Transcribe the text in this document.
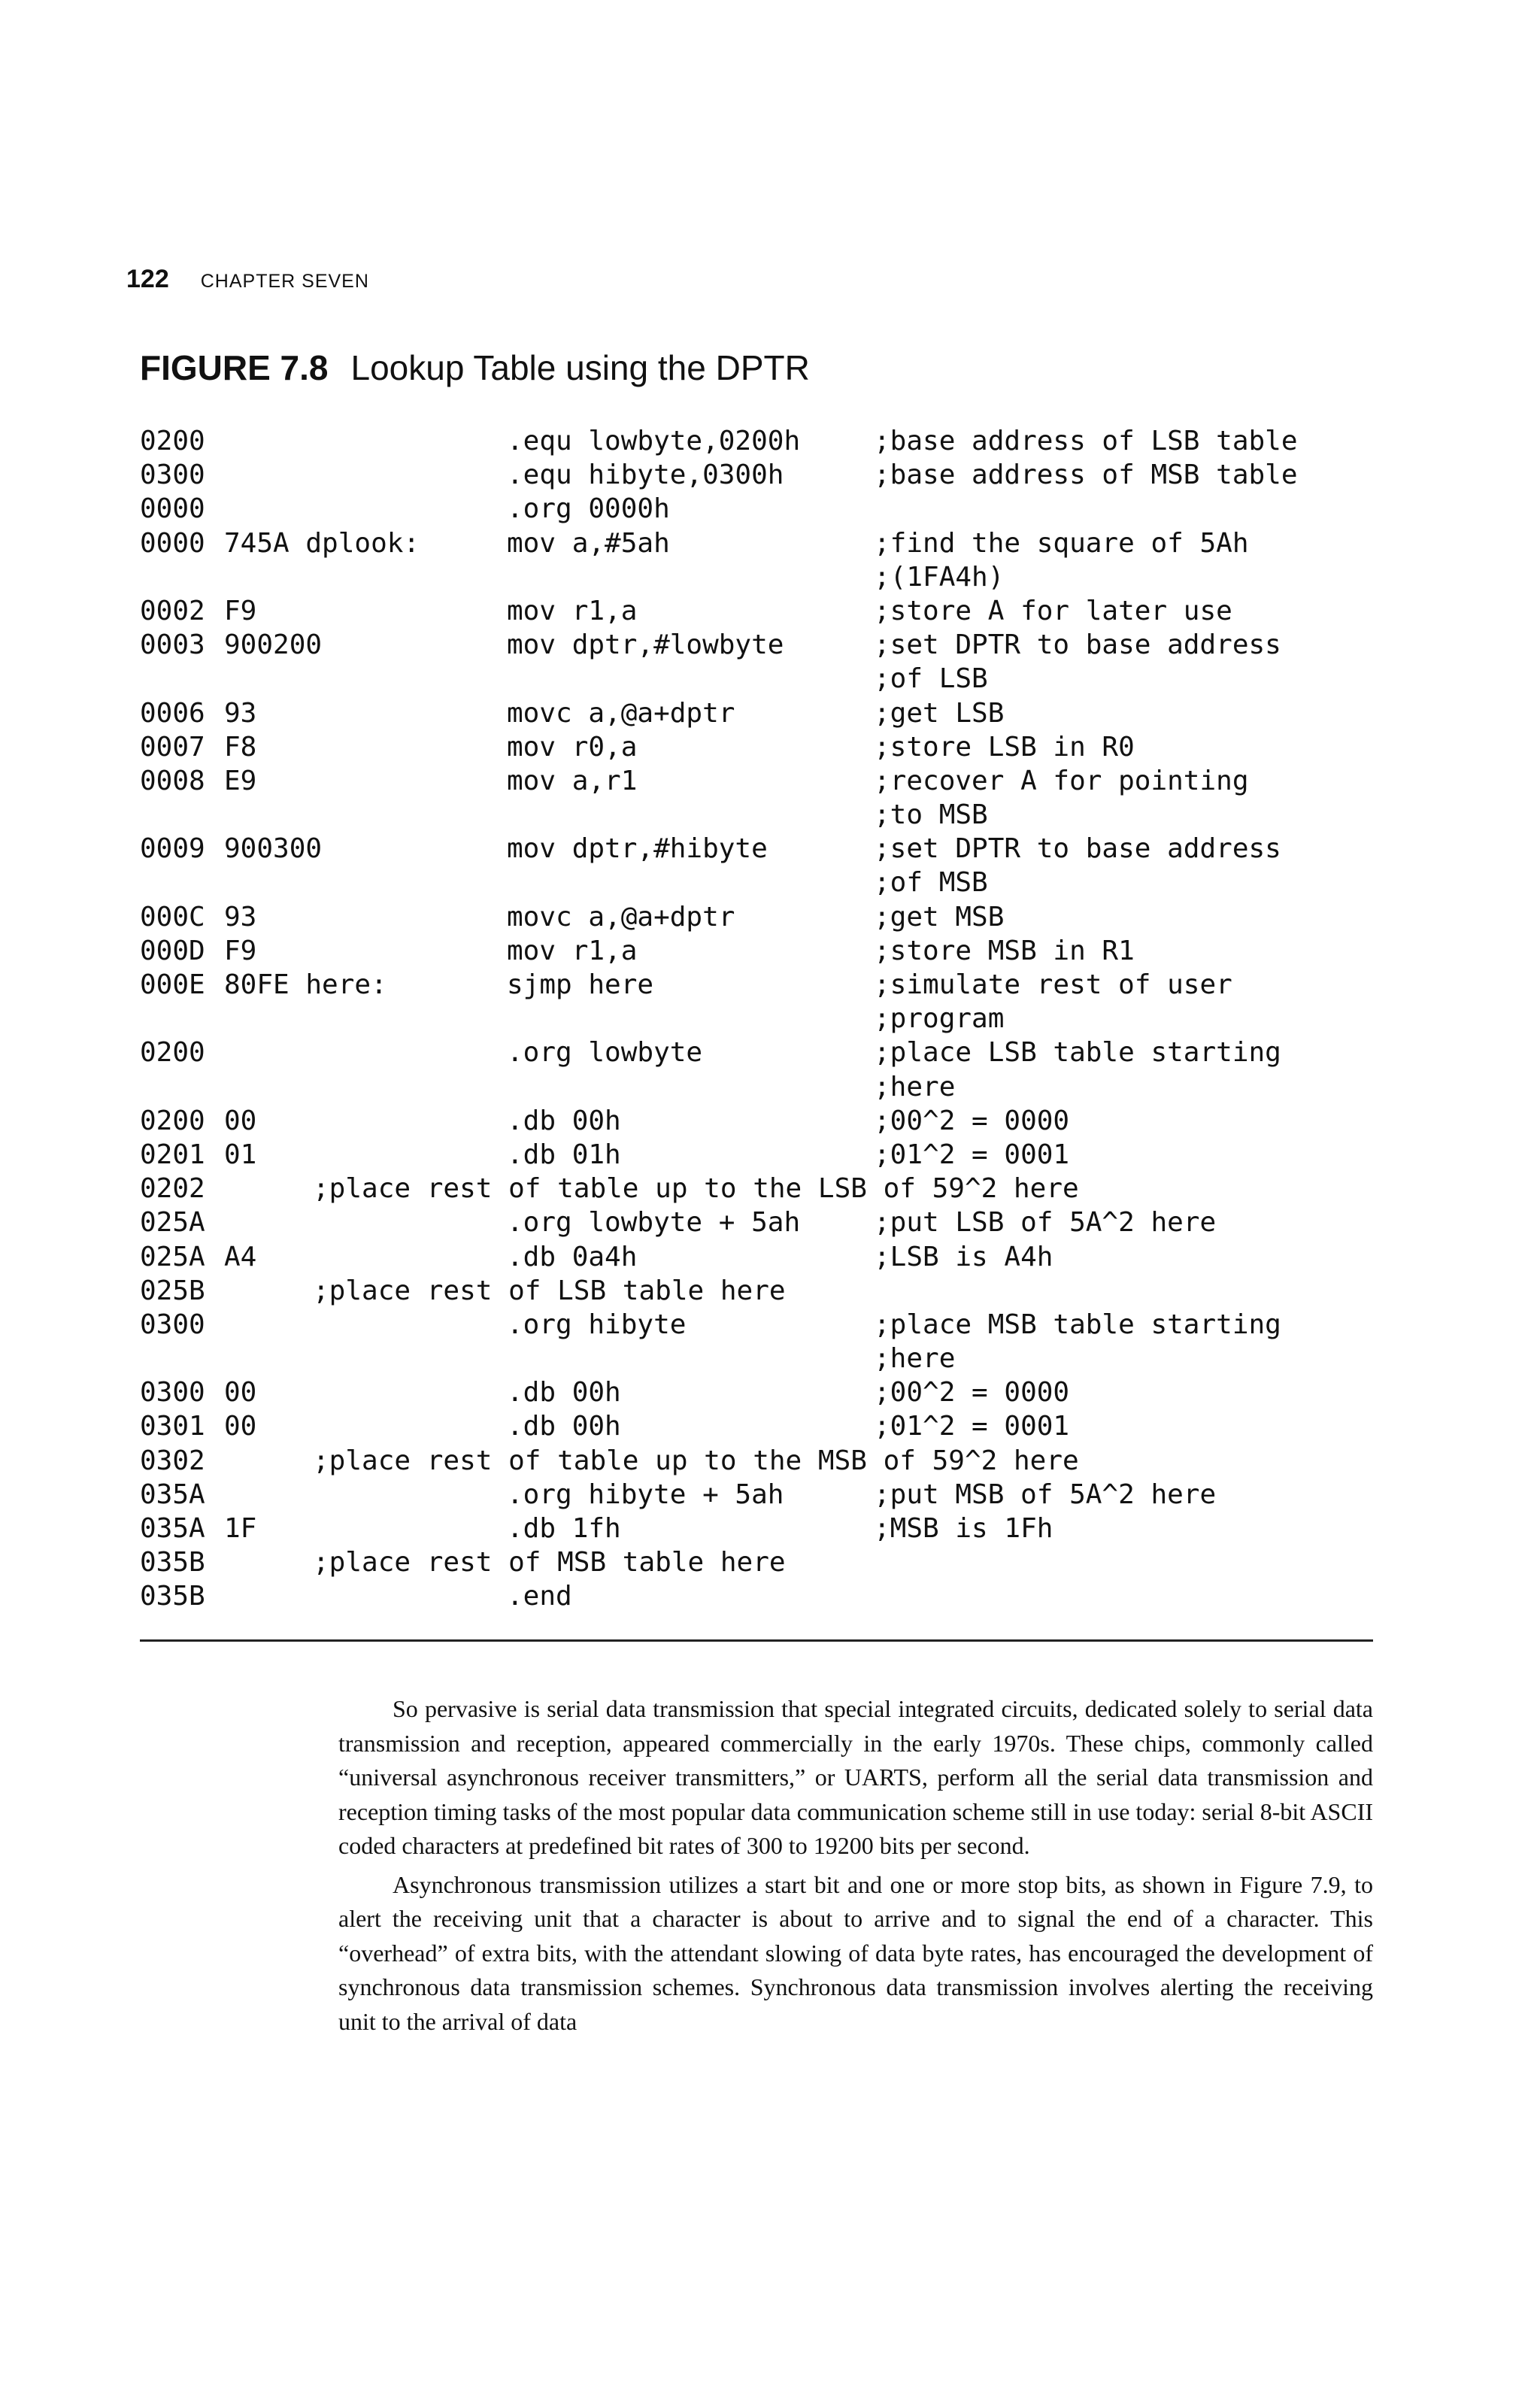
122 CHAPTER SEVEN
FIGURE 7.8 Lookup Table using the DPTR
0200	.equ lowbyte,0200h	;base address of LSB table
0300	.equ hibyte,0300h	;base address of MSB table
0000	.org 0000h
0000 745A dplook:	mov a,#5ah	;find the square of 5Ah
;(1FA4h)
0002 F9	mov r1,a	;store A for later use
0003 900200	mov dptr,#lowbyte	;set DPTR to base address
;of LSB
0006 93	movc a,@a+dptr	;get LSB
0007 F8	mov r0,a	;store LSB in R0
0008 E9	mov a,r1	;recover A for pointing
;to MSB
0009 900300	mov dptr,#hibyte	;set DPTR to base address
;of MSB
000C 93	movc a,@a+dptr	;get MSB
000D F9	mov r1,a	;store MSB in R1
000E 80FE here:	sjmp here	;simulate rest of user
;program
0200	.org lowbyte	;place LSB table starting
;here
0200 00	.db 00h	;00^2 = 0000
0201 01	.db 01h	;01^2 = 0001
0202	;place rest of table up to the LSB of 59^2 here
025A	.org lowbyte + 5ah	;put LSB of 5A^2 here
025A A4	.db 0a4h	;LSB is A4h
025B	;place rest of LSB table here
0300	.org hibyte	;place MSB table starting
;here
0300 00	.db 00h	;00^2 = 0000
0301 00	.db 00h	;01^2 = 0001
0302	;place rest of table up to the MSB of 59^2 here
035A	.org hibyte + 5ah	;put MSB of 5A^2 here
035A 1F	.db 1fh	;MSB is 1Fh
035B	;place rest of MSB table here
035B	.end

So pervasive is serial data transmission that special integrated circuits, dedicated solely to serial data transmission and reception, appeared commercially in the early 1970s. These chips, commonly called “universal asynchronous receiver transmitters,” or UARTS, perform all the serial data transmission and reception timing tasks of the most popular data communication scheme still in use today: serial 8-bit ASCII coded characters at predefined bit rates of 300 to 19200 bits per second.

Asynchronous transmission utilizes a start bit and one or more stop bits, as shown in Figure 7.9, to alert the receiving unit that a character is about to arrive and to signal the end of a character. This “overhead” of extra bits, with the attendant slowing of data byte rates, has encouraged the development of synchronous data transmission schemes. Synchronous data transmission involves alerting the receiving unit to the arrival of data
